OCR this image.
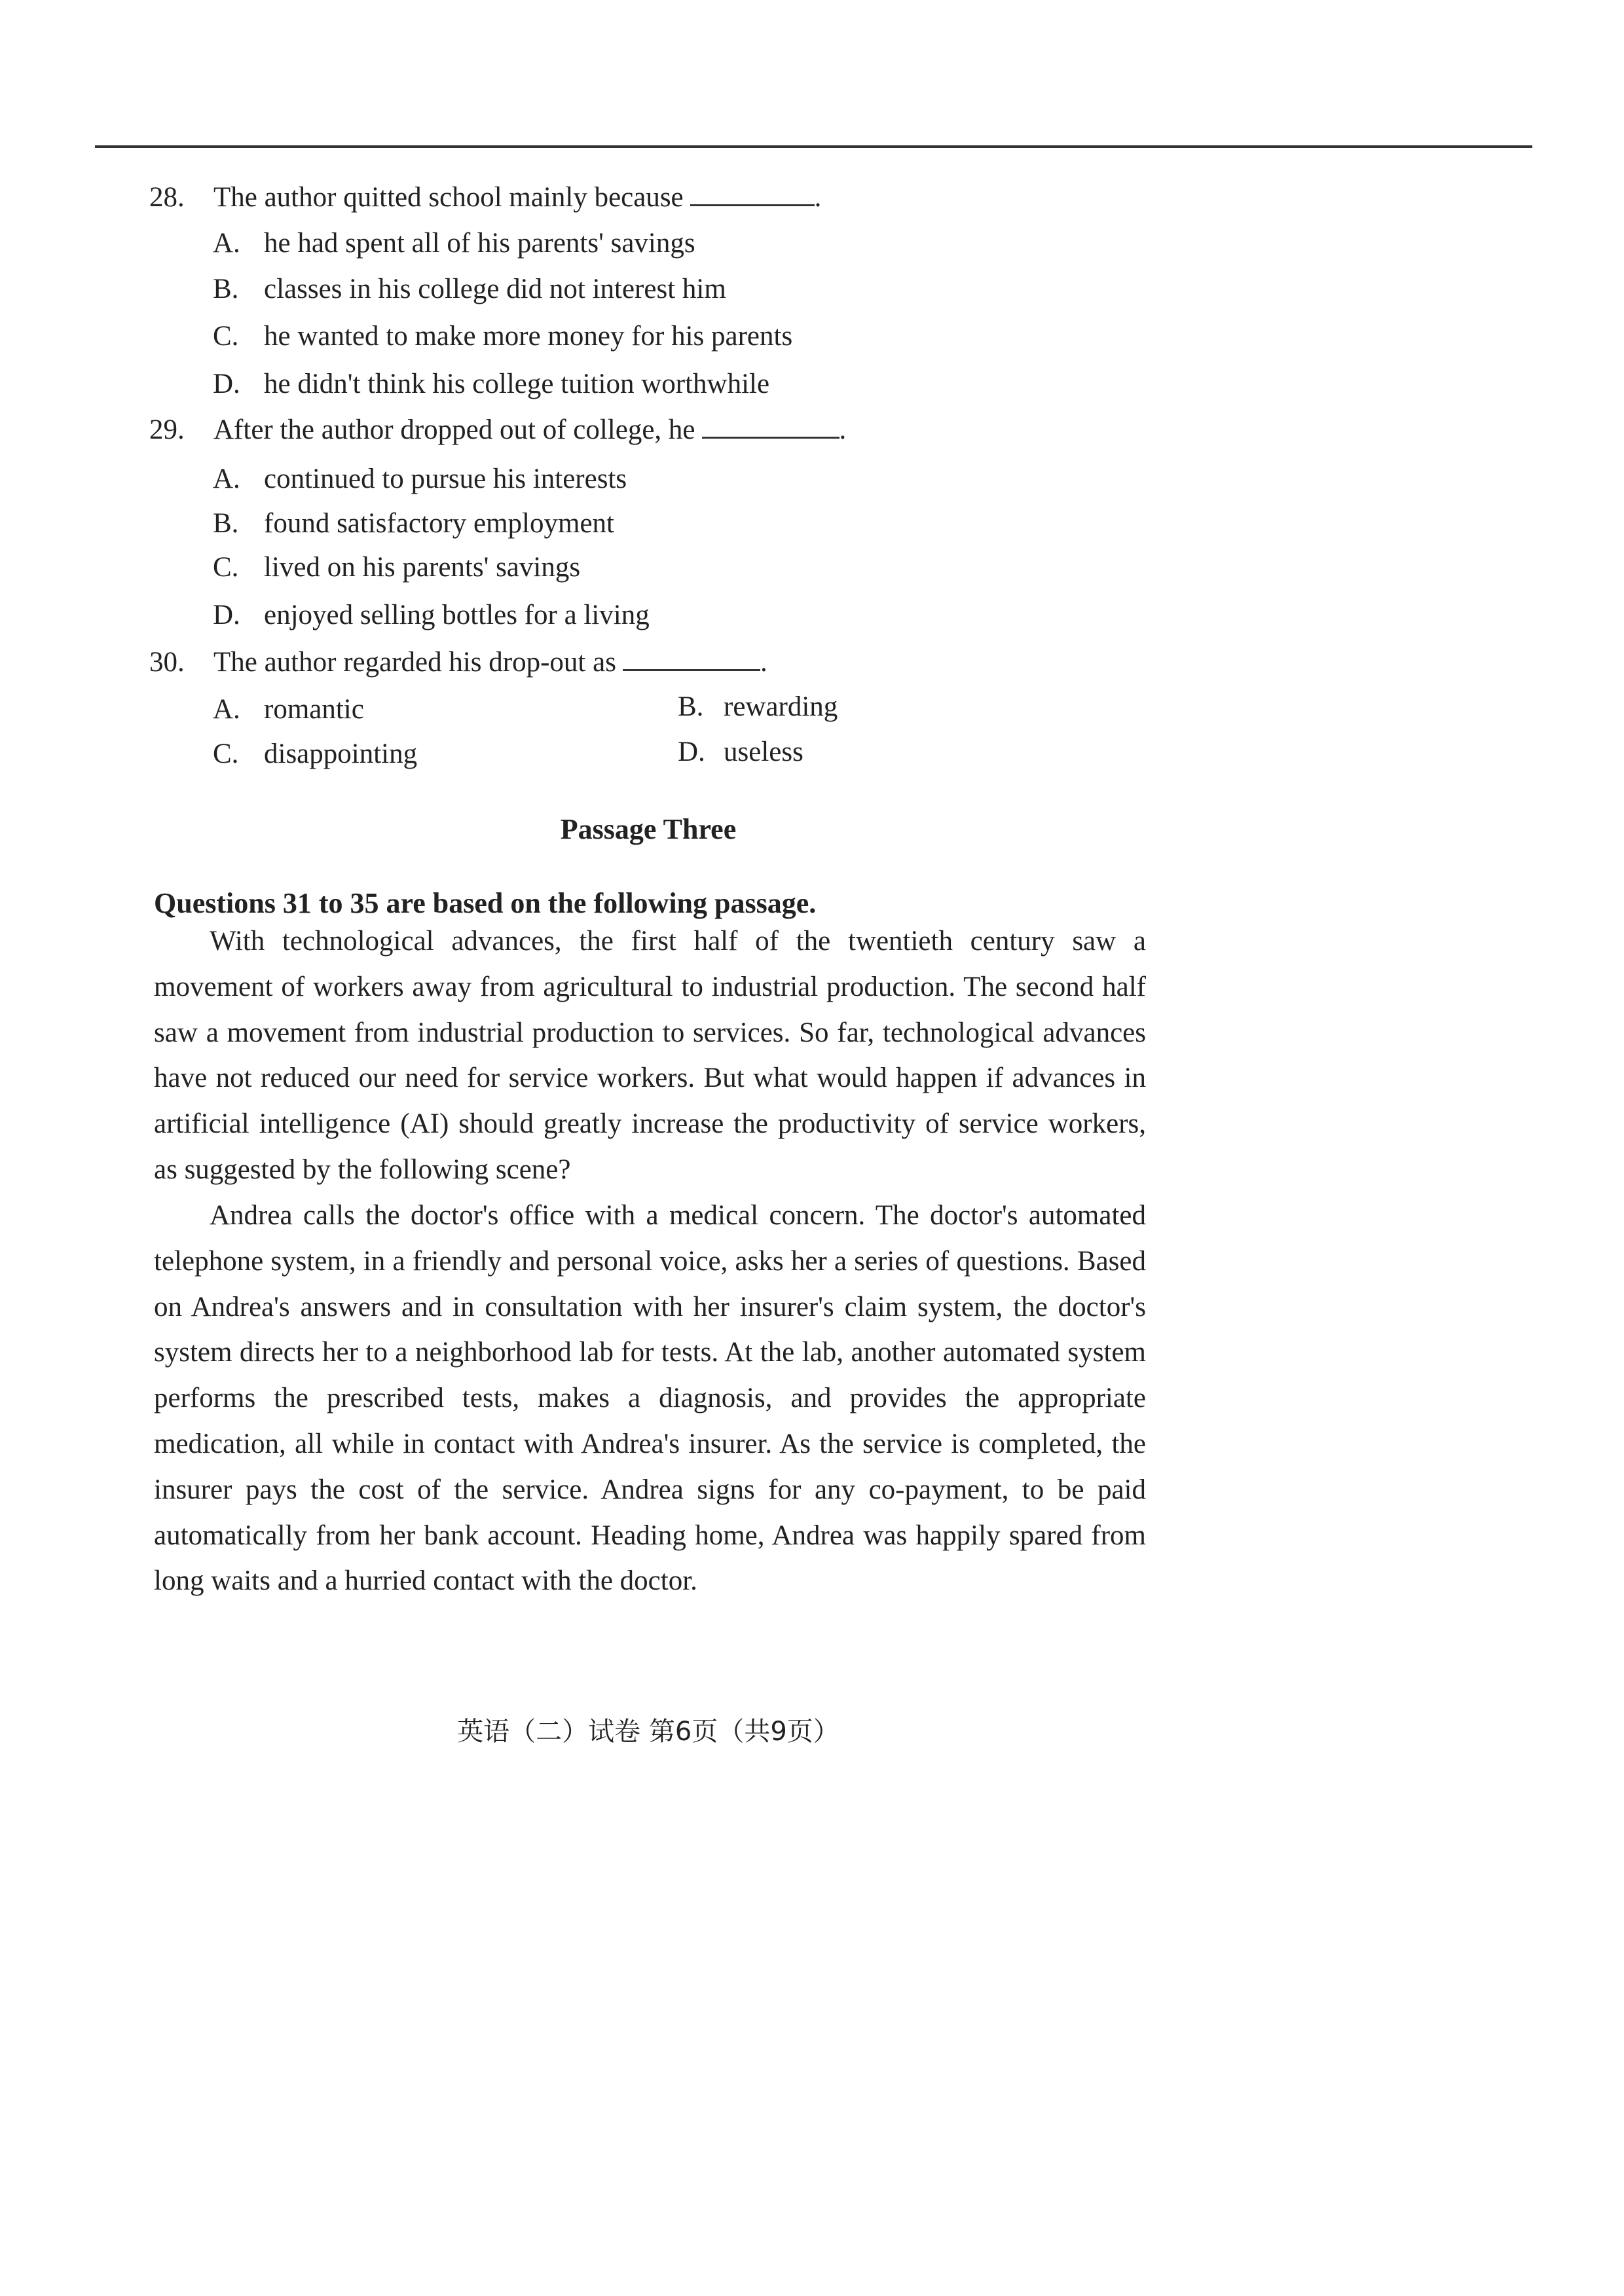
28. The author quitted school mainly because	.
A. he had spent all of his parents' savings
B. classes in his college did not interest him
C. he wanted to make more money for his parents
D. he didn't think his college tuition worthwhile
29. After the author dropped out of college, he	.
A. continued to pursue his interests
B. found satisfactory employment
C. lived on his parents' savings
D. enjoyed selling bottles for a living
30. The author regarded his drop-out as	.
A. romantic	B. rewarding
C. disappointing	D. useless
Passage Three
Questions 31 to 35 are based on the following passage.

With technological advances, the first half of the twentieth century saw a movement of workers away from agricultural to industrial production. The second half saw a movement from industrial production to services. So far, technological advances have not reduced our need for service workers. But what would happen if advances in artificial intelligence (AI) should greatly increase the productivity of service workers, as suggested by the following scene?

Andrea calls the doctor's office with a medical concern. The doctor's automated telephone system, in a friendly and personal voice, asks her a series of questions. Based on Andrea's answers and in consultation with her insurer's claim system, the doctor's system directs her to a neighborhood lab for tests. At the lab, another automated system performs the prescribed tests, makes a diagnosis, and provides the appropriate medication, all while in contact with Andrea's insurer. As the service is completed, the insurer pays the cost of the service. Andrea signs for any co-payment, to be paid automatically from her bank account. Heading home, Andrea was happily spared from long waits and a hurried contact with the doctor.

英语（二）试卷 第6页（共9页）
